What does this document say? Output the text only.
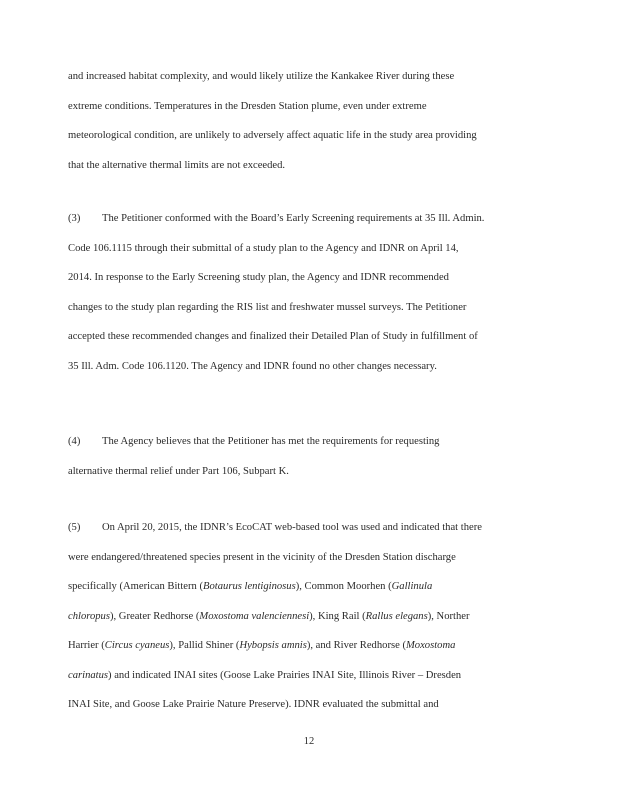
and increased habitat complexity, and would likely utilize the Kankakee River during these
extreme conditions. Temperatures in the Dresden Station plume, even under extreme
meteorological condition, are unlikely to adversely affect aquatic life in the study area providing
that the alternative thermal limits are not exceeded.

(3) The Petitioner conformed with the Board’s Early Screening requirements at 35 Ill. Admin.
Code 106.1115 through their submittal of a study plan to the Agency and IDNR on April 14,
2014. In response to the Early Screening study plan, the Agency and IDNR recommended
changes to the study plan regarding the RIS list and freshwater mussel surveys. The Petitioner
accepted these recommended changes and finalized their Detailed Plan of Study in fulfillment of
35 Ill. Adm. Code 106.1120. The Agency and IDNR found no other changes necessary.

(4) The Agency believes that the Petitioner has met the requirements for requesting
alternative thermal relief under Part 106, Subpart K.

(5) On April 20, 2015, the IDNR’s EcoCAT web-based tool was used and indicated that there
were endangered/threatened species present in the vicinity of the Dresden Station discharge
specifically (American Bittern (Botaurus lentiginosus), Common Moorhen (Gallinula
chloropus), Greater Redhorse (Moxostoma valenciennesi), King Rail (Rallus elegans), Norther
Harrier (Circus cyaneus), Pallid Shiner (Hybopsis amnis), and River Redhorse (Moxostoma
carinatus) and indicated INAI sites (Goose Lake Prairies INAI Site, Illinois River – Dresden
INAI Site, and Goose Lake Prairie Nature Preserve). IDNR evaluated the submittal and

12
